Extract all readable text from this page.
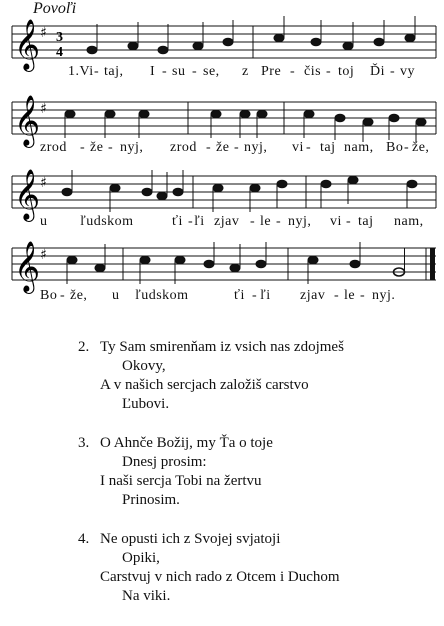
Povoľi
𝄞 ♯ 3
4
1.Vi - taj, I - su - se, z Pre - čis - toj Ďi - vy
𝄞 ♯
zrod - že - nyj, zrod - že - nyj, vi - taj nam, Bo - že,
𝄞 ♯
u ľudskom	ťi - ľi zjav - le - nyj, vi - taj nam,
𝄞 ♯
Bo - že, u ľudskom	ťi - ľi zjav - le - nyj.
2. Ty Sam smirenňam iz vsich nas zdojmeš
Okovy,
A v našich sercjach založiš carstvo
Ľubovi.
3. O Ahnče Božij, my Ťa o toje
Dnesj prosim:
I naši sercja Tobi na žertvu
Prinosim.
4. Ne opusti ich z Svojej svjatoji
Opiki,
Carstvuj v nich rado z Otcem i Duchom
Na viki.
